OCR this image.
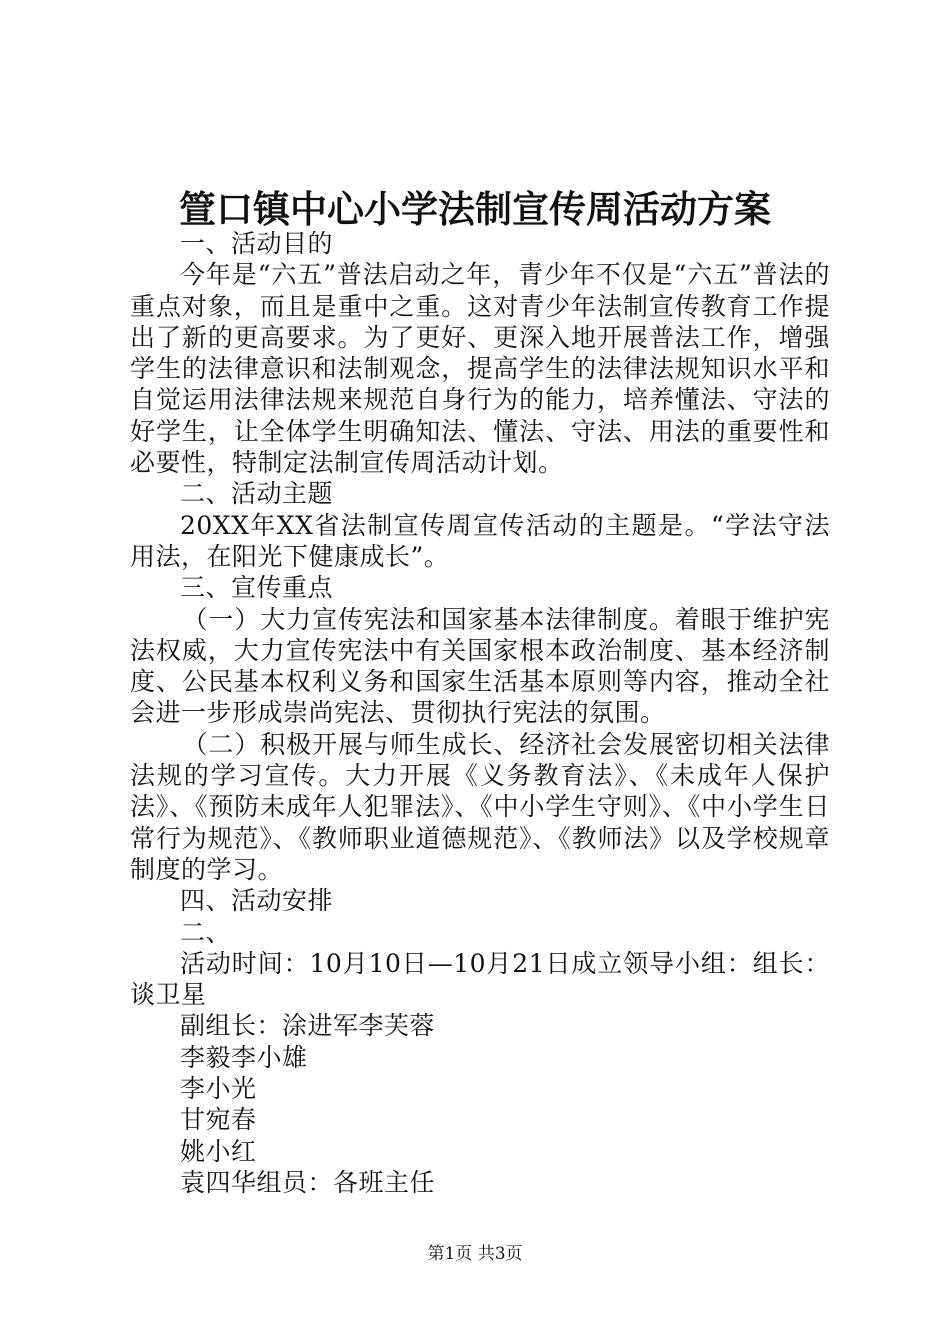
箮口镇中心小学法制宣传周活动方案

一、活动目的

今年是“六五”普法启动之年，青少年不仅是“六五”普法的重点对象，而且是重中之重。这对青少年法制宣传教育工作提出了新的更高要求。为了更好、更深入地开展普法工作，增强学生的法律意识和法制观念，提高学生的法律法规知识水平和自觉运用法律法规来规范自身行为的能力，培养懂法、守法的好学生，让全体学生明确知法、懂法、守法、用法的重要性和必要性，特制定法制宣传周活动计划。

二、活动主题

20XX年XX省法制宣传周宣传活动的主题是。“学法守法用法，在阳光下健康成长”。

三、宣传重点

（一）大力宣传宪法和国家基本法律制度。着眼于维护宪法权威，大力宣传宪法中有关国家根本政治制度、基本经济制度、公民基本权利义务和国家生活基本原则等内容，推动全社会进一步形成崇尚宪法、贯彻执行宪法的氛围。

（二）积极开展与师生成长、经济社会发展密切相关法律法规的学习宣传。大力开展《义务教育法》、《未成年人保护法》、《预防未成年人犯罪法》、《中小学生守则》、《中小学生日常行为规范》、《教师职业道德规范》、《教师法》以及学校规章制度的学习。

四、活动安排

二、

活动时间：10月10日—10月21日成立领导小组：组长：谈卫星

副组长：涂进军李芙蓉

李毅李小雄

李小光

甘宛春

姚小红

袁四华组员：各班主任

第1页 共3页
